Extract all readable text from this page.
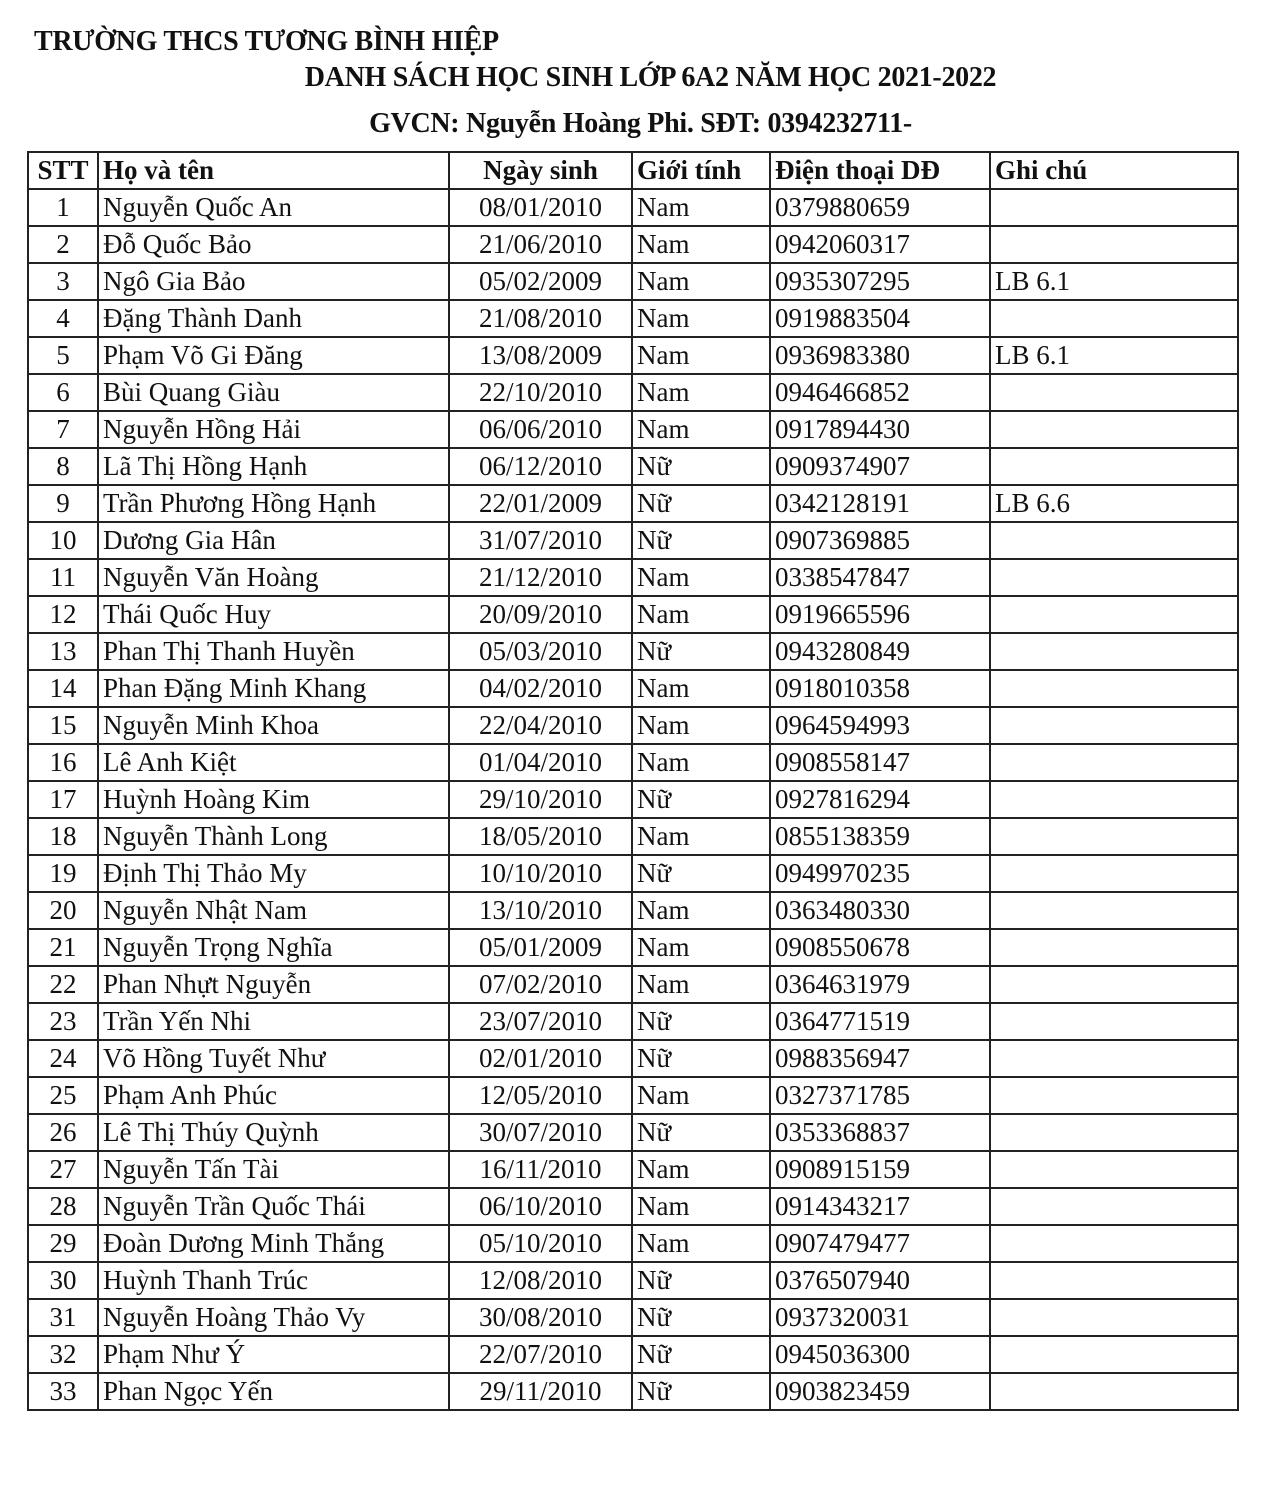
TRƯỜNG THCS TƯƠNG BÌNH HIỆP
DANH SÁCH HỌC SINH LỚP 6A2 NĂM HỌC 2021-2022
GVCN: Nguyễn Hoàng Phi. SĐT: 0394232711-
STT	Họ và tên	Ngày sinh	Giới tính	Điện thoại DĐ	Ghi chú
1	Nguyễn Quốc An	08/01/2010	Nam	0379880659	
2	Đỗ Quốc Bảo	21/06/2010	Nam	0942060317	
3	Ngô Gia Bảo	05/02/2009	Nam	0935307295	LB 6.1
4	Đặng Thành Danh	21/08/2010	Nam	0919883504	
5	Phạm Võ Gi Đăng	13/08/2009	Nam	0936983380	LB 6.1
6	Bùi Quang Giàu	22/10/2010	Nam	0946466852	
7	Nguyễn Hồng Hải	06/06/2010	Nam	0917894430	
8	Lã Thị Hồng Hạnh	06/12/2010	Nữ	0909374907	
9	Trần Phương Hồng Hạnh	22/01/2009	Nữ	0342128191	LB 6.6
10	Dương Gia Hân	31/07/2010	Nữ	0907369885	
11	Nguyễn Văn Hoàng	21/12/2010	Nam	0338547847	
12	Thái Quốc Huy	20/09/2010	Nam	0919665596	
13	Phan Thị Thanh Huyền	05/03/2010	Nữ	0943280849	
14	Phan Đặng Minh Khang	04/02/2010	Nam	0918010358	
15	Nguyễn Minh Khoa	22/04/2010	Nam	0964594993	
16	Lê Anh Kiệt	01/04/2010	Nam	0908558147	
17	Huỳnh Hoàng Kim	29/10/2010	Nữ	0927816294	
18	Nguyễn Thành Long	18/05/2010	Nam	0855138359	
19	Định Thị Thảo My	10/10/2010	Nữ	0949970235	
20	Nguyễn Nhật Nam	13/10/2010	Nam	0363480330	
21	Nguyễn Trọng Nghĩa	05/01/2009	Nam	0908550678	
22	Phan Nhựt Nguyễn	07/02/2010	Nam	0364631979	
23	Trần Yến Nhi	23/07/2010	Nữ	0364771519	
24	Võ Hồng Tuyết Như	02/01/2010	Nữ	0988356947	
25	Phạm Anh Phúc	12/05/2010	Nam	0327371785	
26	Lê Thị Thúy Quỳnh	30/07/2010	Nữ	0353368837	
27	Nguyễn Tấn Tài	16/11/2010	Nam	0908915159	
28	Nguyễn Trần Quốc Thái	06/10/2010	Nam	0914343217	
29	Đoàn Dương Minh Thắng	05/10/2010	Nam	0907479477	
30	Huỳnh Thanh Trúc	12/08/2010	Nữ	0376507940	
31	Nguyễn Hoàng Thảo Vy	30/08/2010	Nữ	0937320031	
32	Phạm Như Ý	22/07/2010	Nữ	0945036300	
33	Phan Ngọc Yến	29/11/2010	Nữ	0903823459	
